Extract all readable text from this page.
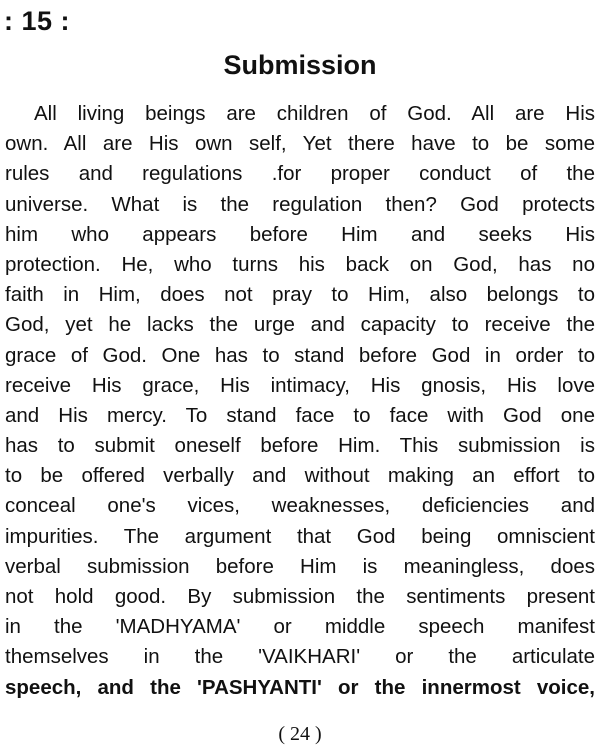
: 15 :
Submission
All living beings are children of God. All are His
own. All are His own self, Yet there have to be some
rules and regulations .for proper conduct of the
universe. What is the regulation then? God protects
him who appears before Him and seeks His
protection. He, who turns his back on God, has no
faith in Him, does not pray to Him, also belongs to
God, yet he lacks the urge and capacity to receive the
grace of God. One has to stand before God in order to
receive His grace, His intimacy, His gnosis, His love
and His mercy. To stand face to face with God one
has to submit oneself before Him. This submission is
to be offered verbally and without making an effort to
conceal one's vices, weaknesses, deficiencies and
impurities. The argument that God being omniscient
verbal submission before Him is meaningless, does
not hold good. By submission the sentiments present
in the 'MADHYAMA' or middle speech manifest
themselves in the 'VAIKHARI' or the articulate
speech, and the 'PASHYANTI' or the innermost voice,
( 24 )
